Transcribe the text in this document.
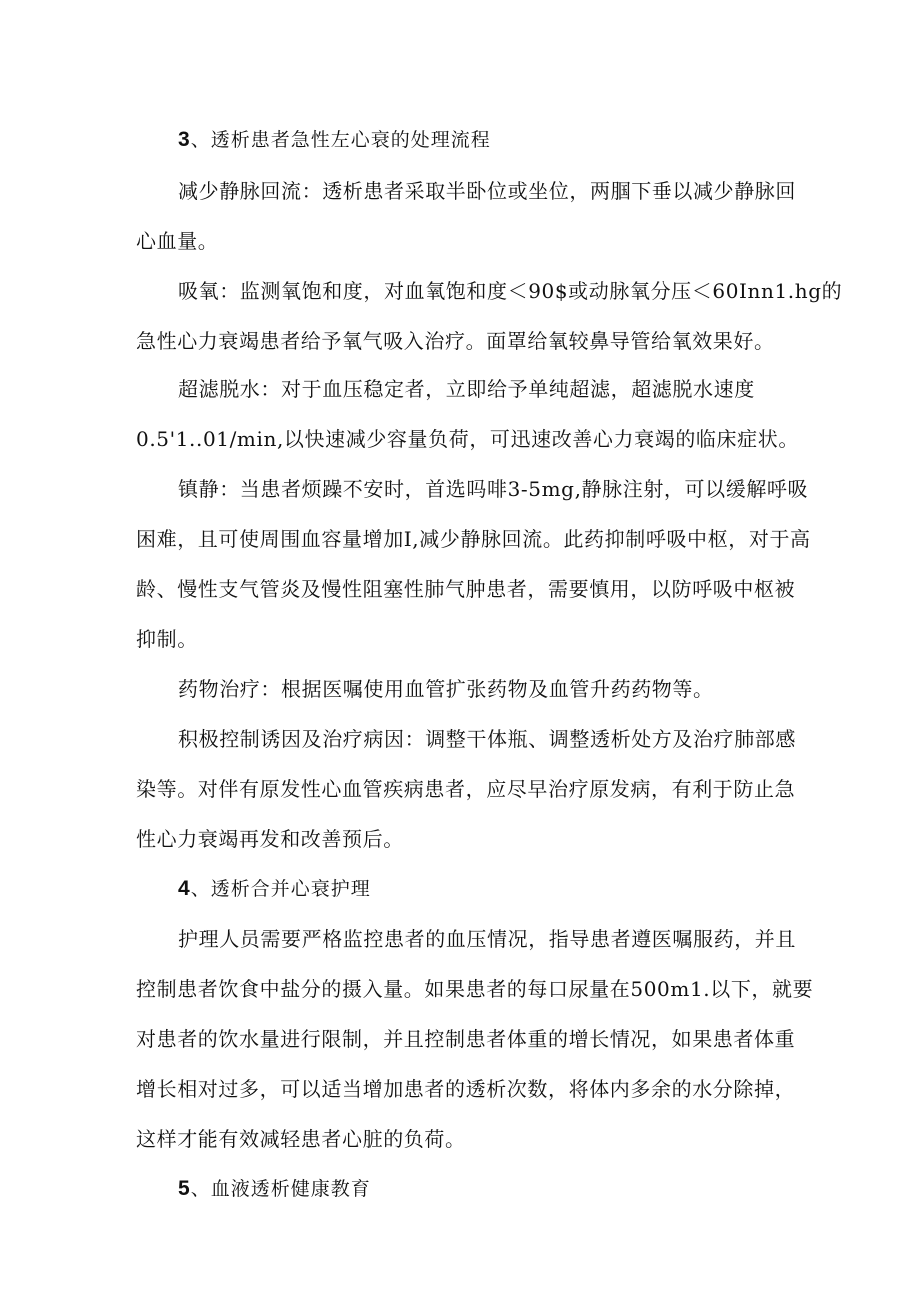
3、透析患者急性左心衰的处理流程
减少静脉回流：透析患者采取半卧位或坐位，两腘下垂以减少静脉回
心血量。
吸氧：监测氧饱和度，对血氧饱和度＜90$或动脉氧分压＜60Inn1.hg的
急性心力衰竭患者给予氧气吸入治疗。面罩给氧较鼻导管给氧效果好。
超滤脱水：对于血压稳定者，立即给予单纯超滤，超滤脱水速度
0.5'1..01∕min,以快速减少容量负荷，可迅速改善心力衰竭的临床症状。
镇静：当患者烦躁不安时，首选吗啡3-5mg,静脉注射，可以缓解呼吸
困难，且可使周围血容量增加I,减少静脉回流。此药抑制呼吸中枢，对于高
龄、慢性支气管炎及慢性阻塞性肺气肿患者，需要慎用，以防呼吸中枢被
抑制。
药物治疗：根据医嘱使用血管扩张药物及血管升药药物等。
积极控制诱因及治疗病因：调整干体瓶、调整透析处方及治疗肺部感
染等。对伴有原发性心血管疾病患者，应尽早治疗原发病，有利于防止急
性心力衰竭再发和改善预后。
4、透析合并心衰护理
护理人员需要严格监控患者的血压情况，指导患者遵医嘱服药，并且
控制患者饮食中盐分的摄入量。如果患者的每口尿量在500m1.以下，就要
对患者的饮水量进行限制，并且控制患者体重的增长情况，如果患者体重
增长相对过多，可以适当增加患者的透析次数，将体内多余的水分除掉，
这样才能有效减轻患者心脏的负荷。
5、血液透析健康教育
